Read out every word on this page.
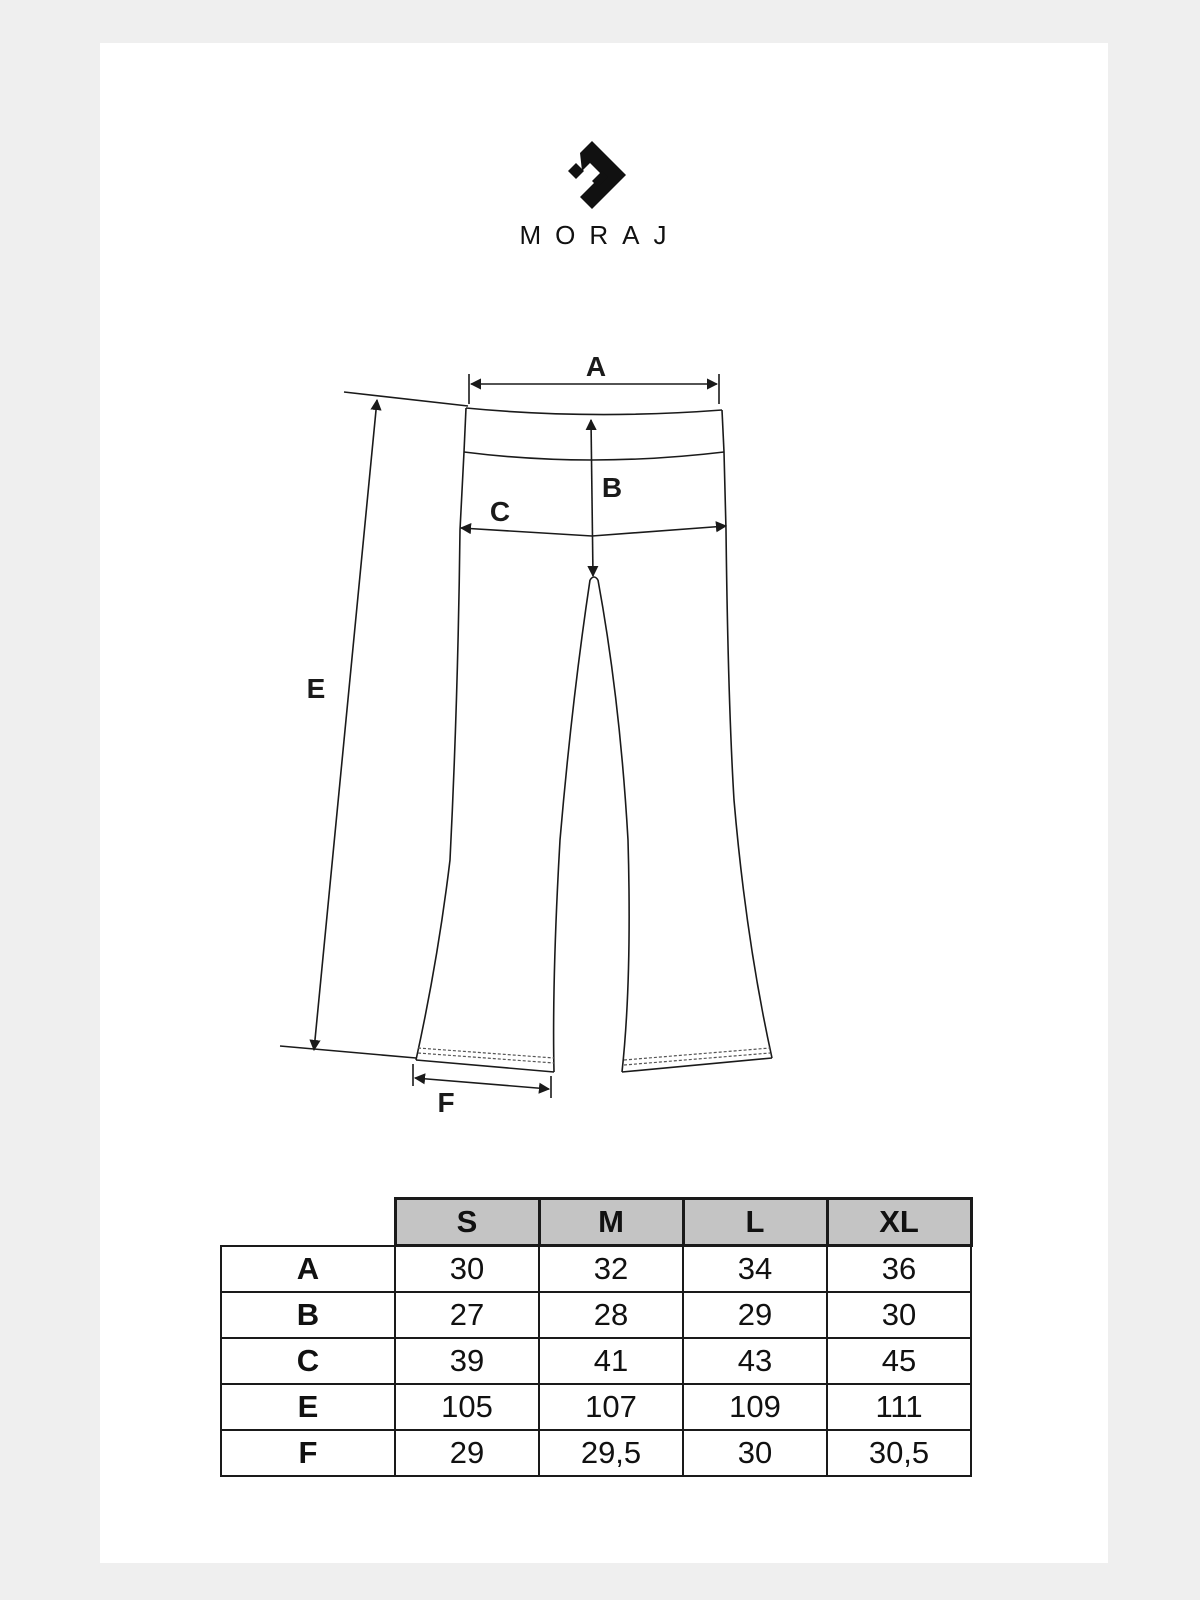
MORAJ
A
B
C
E
F
	S	M	L	XL
A	30	32	34	36
B	27	28	29	30
C	39	41	43	45
E	105	107	109	111
F	29	29,5	30	30,5
